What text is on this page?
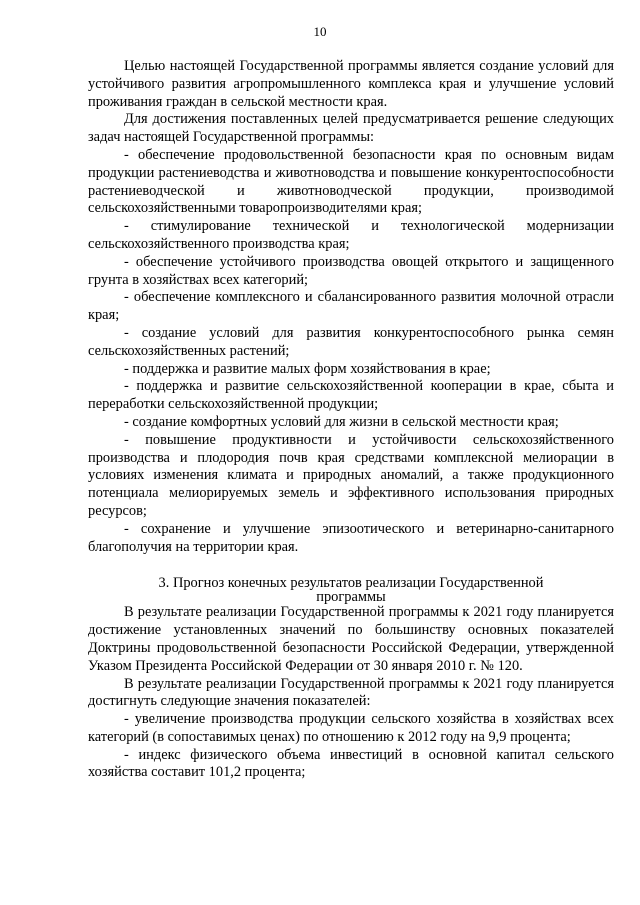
10

Целью настоящей Государственной программы является создание условий для устойчивого развития агропромышленного комплекса края и улучшение условий проживания граждан в сельской местности края.

Для достижения поставленных целей предусматривается решение следующих задач настоящей Государственной программы:

- обеспечение продовольственной безопасности края по основным видам продукции растениеводства и животноводства и повышение конкурентоспособности растениеводческой и животноводческой продукции, производимой сельскохозяйственными товаропроизводителями края;

- стимулирование технической и технологической модернизации сельскохозяйственного производства края;

- обеспечение устойчивого производства овощей открытого и защищенного грунта в хозяйствах всех категорий;

- обеспечение комплексного и сбалансированного развития молочной отрасли края;

- создание условий для развития конкурентоспособного рынка семян сельскохозяйственных растений;

- поддержка и развитие малых форм хозяйствования в крае;

- поддержка и развитие сельскохозяйственной кооперации в крае, сбыта и переработки сельскохозяйственной продукции;

- создание комфортных условий для жизни в сельской местности края;

- повышение продуктивности и устойчивости сельскохозяйственного производства и плодородия почв края средствами комплексной мелиорации в условиях изменения климата и природных аномалий, а также продукционного потенциала мелиорируемых земель и эффективного использования природных ресурсов;

- сохранение и улучшение эпизоотического и ветеринарно-санитарного благополучия на территории края.

3. Прогноз конечных результатов реализации Государственной
программы

В результате реализации Государственной программы к 2021 году планируется достижение установленных значений по большинству основных показателей Доктрины продовольственной безопасности Российской Федерации, утвержденной Указом Президента Российской Федерации от 30 января 2010 г. № 120.

В результате реализации Государственной программы к 2021 году планируется достигнуть следующие значения показателей:

- увеличение производства продукции сельского хозяйства в хозяйствах всех категорий (в сопоставимых ценах) по отношению к 2012 году на 9,9 процента;

- индекс физического объема инвестиций в основной капитал сельского хозяйства составит 101,2 процента;
